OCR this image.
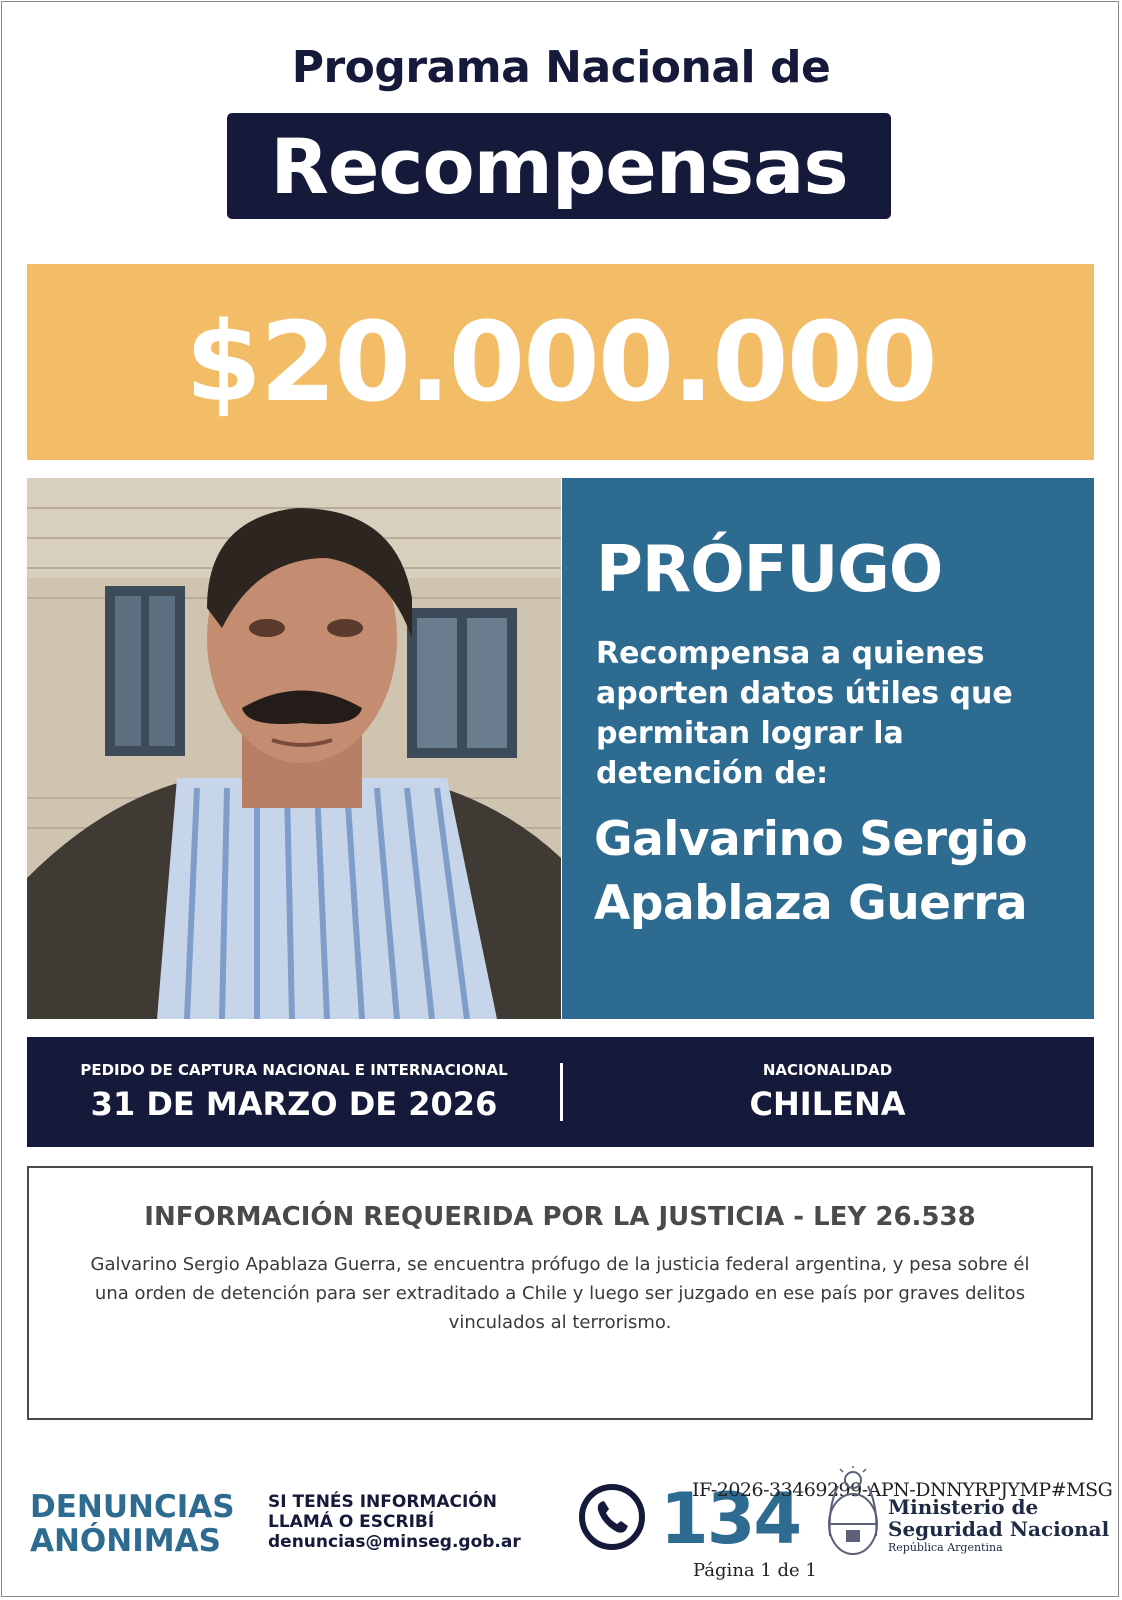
Programa Nacional de
Recompensas
$20.000.000
PRÓFUGO
Recompensa a quienes aporten datos útiles que permitan lograr la detención de:
Galvarino Sergio
Apablaza Guerra
PEDIDO DE CAPTURA NACIONAL E INTERNACIONAL
31 DE MARZO DE 2026
NACIONALIDAD
CHILENA
INFORMACIÓN REQUERIDA POR LA JUSTICIA - LEY 26.538
Galvarino Sergio Apablaza Guerra, se encuentra prófugo de la justicia federal argentina, y pesa sobre él una orden de detención para ser extraditado a Chile y luego ser juzgado en ese país por graves delitos vinculados al terrorismo.
DENUNCIAS
ANÓNIMAS
SI TENÉS INFORMACIÓN
LLAMÁ O ESCRIBÍ
denuncias@minseg.gob.ar	134
IF-2026-33469299-APN-DNNYRPJYMP#MSG
Ministerio de
Seguridad Nacional
República Argentina
Página 1 de 1
